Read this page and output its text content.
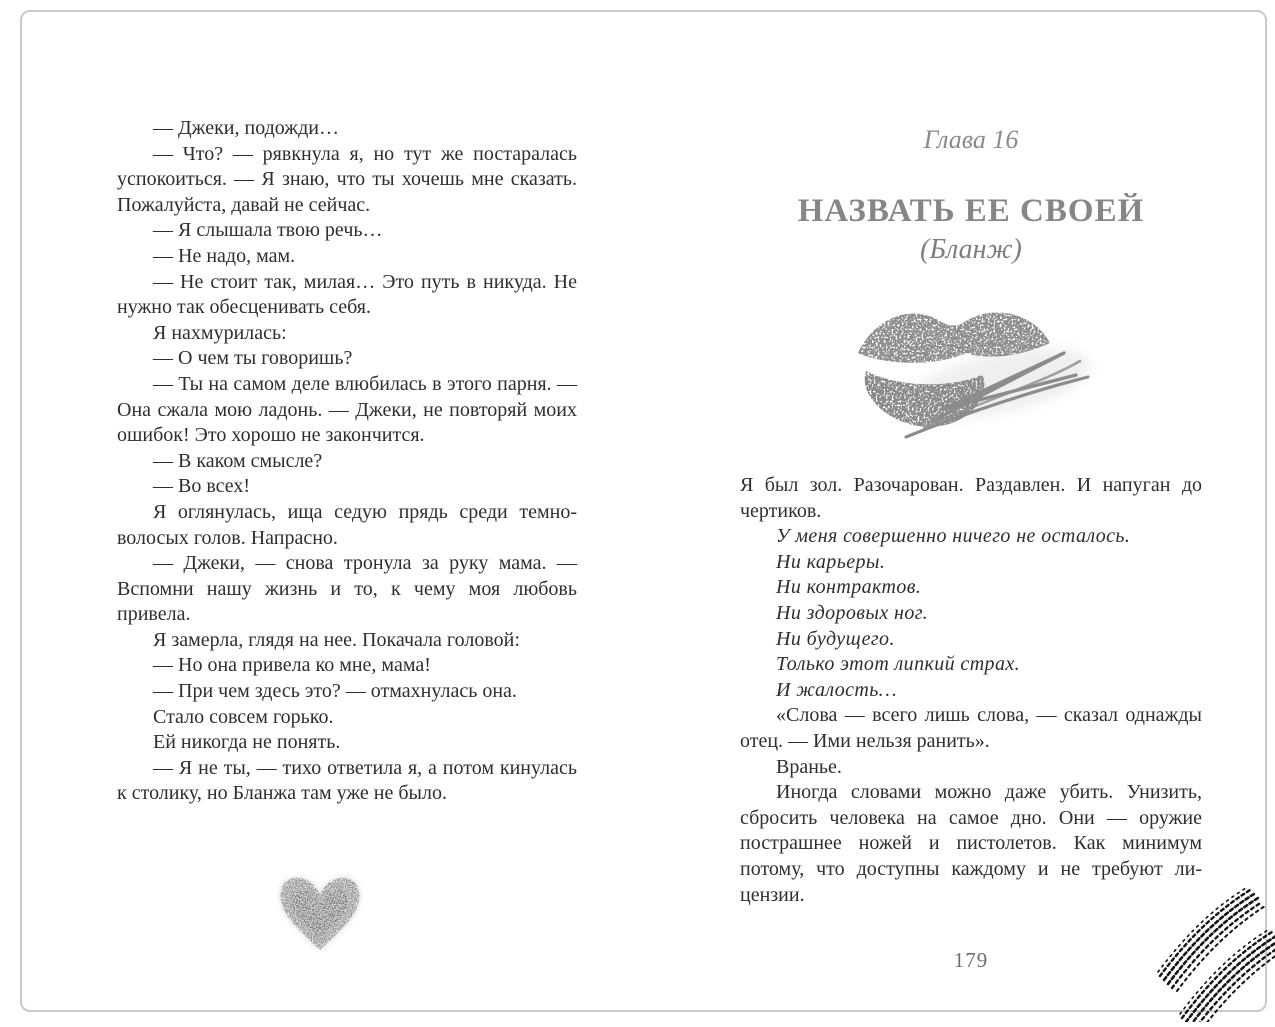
— Джеки, подожди…

— Что? — рявкнула я, но тут же постаралась успокоиться. — Я знаю, что ты хочешь мне сказать. Пожалуйста, давай не сейчас.

— Я слышала твою речь…

— Не надо, мам.

— Не стоит так, милая… Это путь в никуда. Не нужно так обесценивать себя.

Я нахмурилась:

— О чем ты говоришь?

— Ты на самом деле влюбилась в этого парня. — Она сжала мою ладонь. — Джеки, не повторяй моих ошибок! Это хорошо не закончится.

— В каком смысле?

— Во всех!

Я оглянулась, ища седую прядь среди темноволосых голов. Напрасно.

— Джеки, — снова тронула за руку мама. — Вспомни нашу жизнь и то, к чему моя любовь привела.

Я замерла, глядя на нее. Покачала головой:

— Но она привела ко мне, мама!

— При чем здесь это? — отмахнулась она.

Стало совсем горько.

Ей никогда не понять.

— Я не ты, — тихо ответила я, а потом кинулась к столику, но Бланжа там уже не было.

Глава 16
НАЗВАТЬ ЕЕ СВОЕЙ
(Бланж)

Я был зол. Разочарован. Раздавлен. И напуган до чертиков.

У меня совершенно ничего не осталось.

Ни карьеры.

Ни контрактов.

Ни здоровых ног.

Ни будущего.

Только этот липкий страх.

И жалость…

«Слова — всего лишь слова, — сказал однажды отец. — Ими нельзя ранить».

Вранье.

Иногда словами можно даже убить. Унизить, сбросить человека на самое дно. Они — оружие пострашнее ножей и пистолетов. Как минимум потому, что доступны каждому и не требуют лицензии.

179
